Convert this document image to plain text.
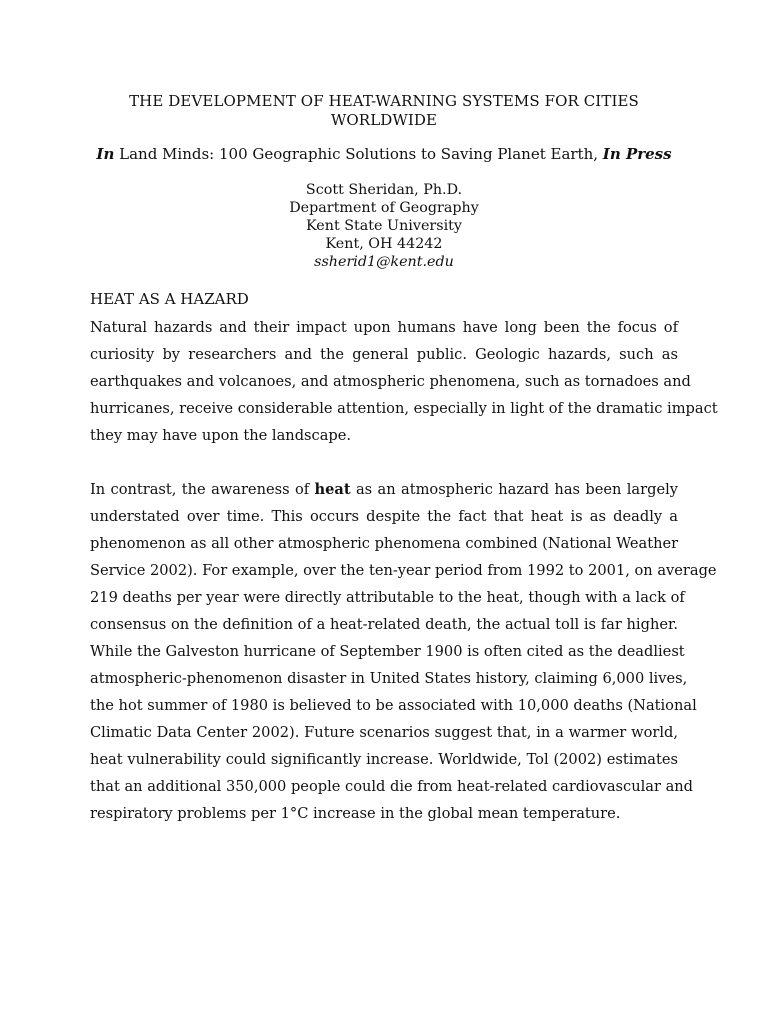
THE DEVELOPMENT OF HEAT-WARNING SYSTEMS FOR CITIES
WORLDWIDE
In Land Minds: 100 Geographic Solutions to Saving Planet Earth, In Press
Scott Sheridan, Ph.D.
Department of Geography
Kent State University
Kent, OH 44242
ssherid1@kent.edu
HEAT AS A HAZARD
Natural hazards and their impact upon humans have long been the focus of
curiosity by researchers and the general public. Geologic hazards, such as
earthquakes and volcanoes, and atmospheric phenomena, such as tornadoes and
hurricanes, receive considerable attention, especially in light of the dramatic impact
they may have upon the landscape.
In contrast, the awareness of heat as an atmospheric hazard has been largely
understated over time. This occurs despite the fact that heat is as deadly a
phenomenon as all other atmospheric phenomena combined (National Weather
Service 2002). For example, over the ten-year period from 1992 to 2001, on average
219 deaths per year were directly attributable to the heat, though with a lack of
consensus on the definition of a heat-related death, the actual toll is far higher.
While the Galveston hurricane of September 1900 is often cited as the deadliest
atmospheric-phenomenon disaster in United States history, claiming 6,000 lives,
the hot summer of 1980 is believed to be associated with 10,000 deaths (National
Climatic Data Center 2002). Future scenarios suggest that, in a warmer world,
heat vulnerability could significantly increase. Worldwide, Tol (2002) estimates
that an additional 350,000 people could die from heat-related cardiovascular and
respiratory problems per 1°C increase in the global mean temperature.
